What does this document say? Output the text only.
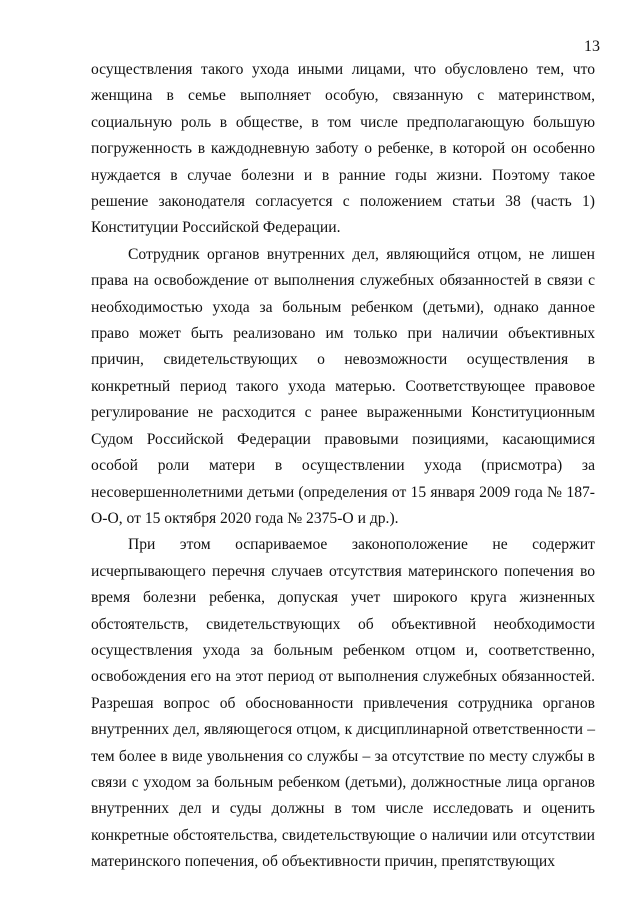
13

осуществления такого ухода иными лицами, что обусловлено тем, что женщина в семье выполняет особую, связанную с материнством, социальную роль в обществе, в том числе предполагающую большую погруженность в каждодневную заботу о ребенке, в которой он особенно нуждается в случае болезни и в ранние годы жизни. Поэтому такое решение законодателя согласуется с положением статьи 38 (часть 1) Конституции Российской Федерации.

Сотрудник органов внутренних дел, являющийся отцом, не лишен права на освобождение от выполнения служебных обязанностей в связи с необходимостью ухода за больным ребенком (детьми), однако данное право может быть реализовано им только при наличии объективных причин, свидетельствующих о невозможности осуществления в конкретный период такого ухода матерью. Соответствующее правовое регулирование не расходится с ранее выраженными Конституционным Судом Российской Федерации правовыми позициями, касающимися особой роли матери в осуществлении ухода (присмотра) за несовершеннолетними детьми (определения от 15 января 2009 года № 187-О-О, от 15 октября 2020 года № 2375-О и др.).

При этом оспариваемое законоположение не содержит исчерпывающего перечня случаев отсутствия материнского попечения во время болезни ребенка, допуская учет широкого круга жизненных обстоятельств, свидетельствующих об объективной необходимости осуществления ухода за больным ребенком отцом и, соответственно, освобождения его на этот период от выполнения служебных обязанностей. Разрешая вопрос об обоснованности привлечения сотрудника органов внутренних дел, являющегося отцом, к дисциплинарной ответственности – тем более в виде увольнения со службы – за отсутствие по месту службы в связи с уходом за больным ребенком (детьми), должностные лица органов внутренних дел и суды должны в том числе исследовать и оценить конкретные обстоятельства, свидетельствующие о наличии или отсутствии материнского попечения, об объективности причин, препятствующих
